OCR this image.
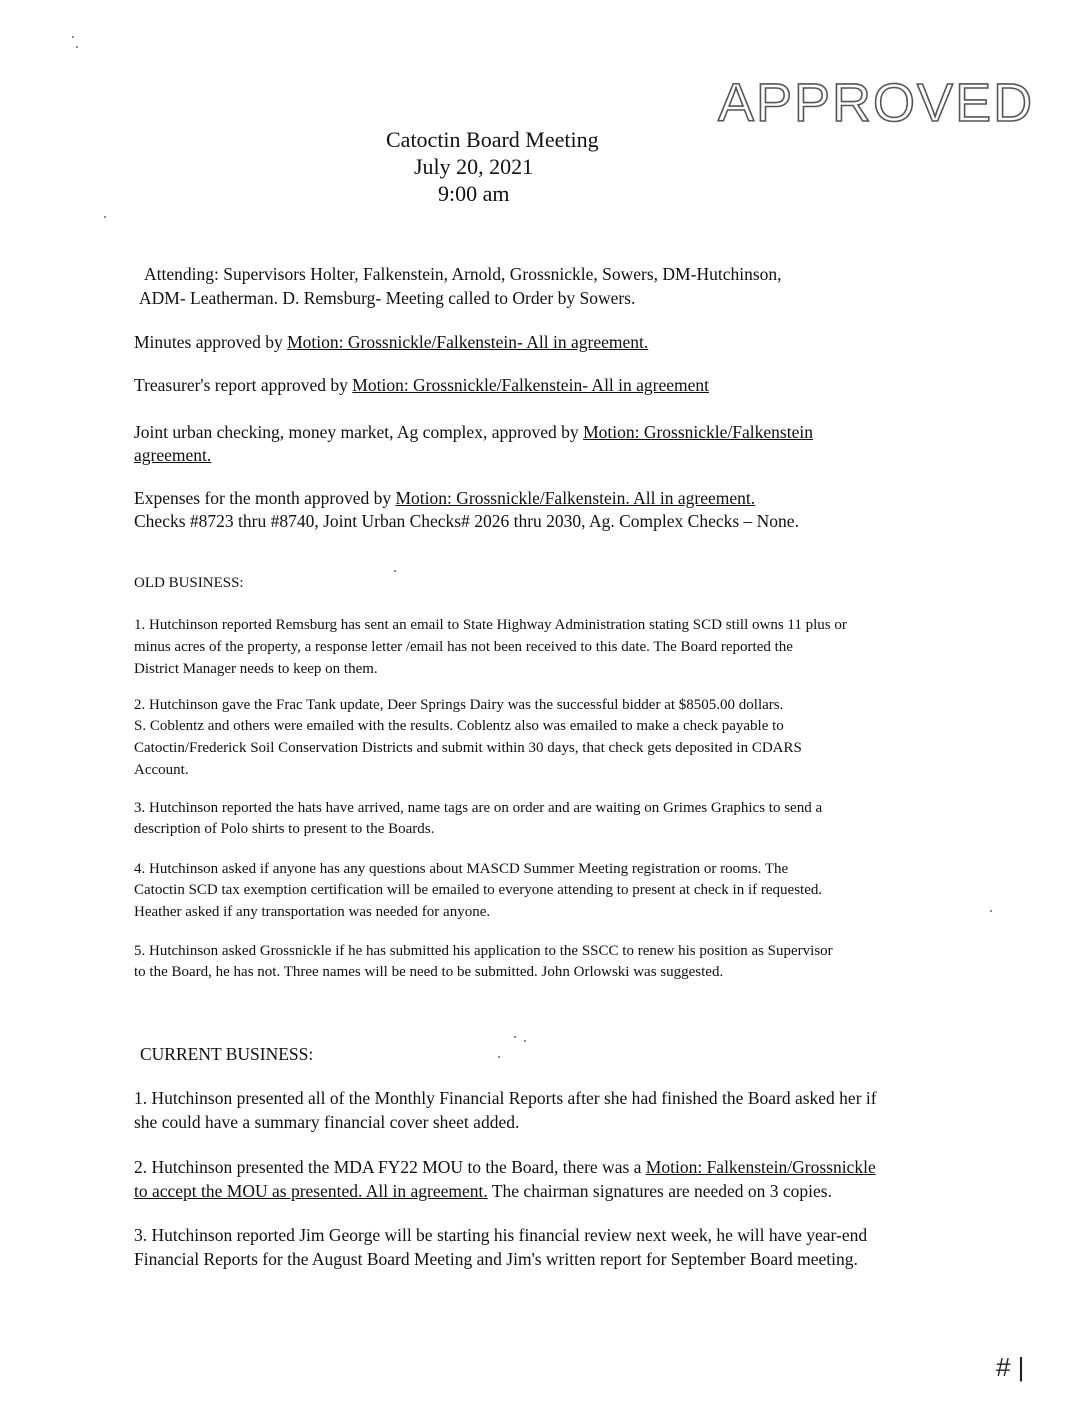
APPROVED
Catoctin Board Meeting
July 20, 2021
9:00 am
Attending: Supervisors Holter, Falkenstein, Arnold, Grossnickle, Sowers, DM-Hutchinson,
ADM- Leatherman. D. Remsburg- Meeting called to Order by Sowers.
Minutes approved by Motion: Grossnickle/Falkenstein- All in agreement.
Treasurer's report approved by Motion: Grossnickle/Falkenstein- All in agreement
Joint urban checking, money market, Ag complex, approved by Motion: Grossnickle/Falkenstein
agreement.
Expenses for the month approved by Motion: Grossnickle/Falkenstein. All in agreement.
Checks #8723 thru #8740, Joint Urban Checks# 2026 thru 2030, Ag. Complex Checks – None.
OLD BUSINESS:
1. Hutchinson reported Remsburg has sent an email to State Highway Administration stating SCD still owns 11 plus or
minus acres of the property, a response letter /email has not been received to this date. The Board reported the
District Manager needs to keep on them.
2. Hutchinson gave the Frac Tank update, Deer Springs Dairy was the successful bidder at $8505.00 dollars.
S. Coblentz and others were emailed with the results. Coblentz also was emailed to make a check payable to
Catoctin/Frederick Soil Conservation Districts and submit within 30 days, that check gets deposited in CDARS
Account.
3. Hutchinson reported the hats have arrived, name tags are on order and are waiting on Grimes Graphics to send a
description of Polo shirts to present to the Boards.
4. Hutchinson asked if anyone has any questions about MASCD Summer Meeting registration or rooms. The
Catoctin SCD tax exemption certification will be emailed to everyone attending to present at check in if requested.
Heather asked if any transportation was needed for anyone.
5. Hutchinson asked Grossnickle if he has submitted his application to the SSCC to renew his position as Supervisor
to the Board, he has not. Three names will be need to be submitted. John Orlowski was suggested.
CURRENT BUSINESS:
1. Hutchinson presented all of the Monthly Financial Reports after she had finished the Board asked her if
she could have a summary financial cover sheet added.
2. Hutchinson presented the MDA FY22 MOU to the Board, there was a Motion: Falkenstein/Grossnickle
to accept the MOU as presented. All in agreement. The chairman signatures are needed on 3 copies.
3. Hutchinson reported Jim George will be starting his financial review next week, he will have year-end
Financial Reports for the August Board Meeting and Jim's written report for September Board meeting.
# |
